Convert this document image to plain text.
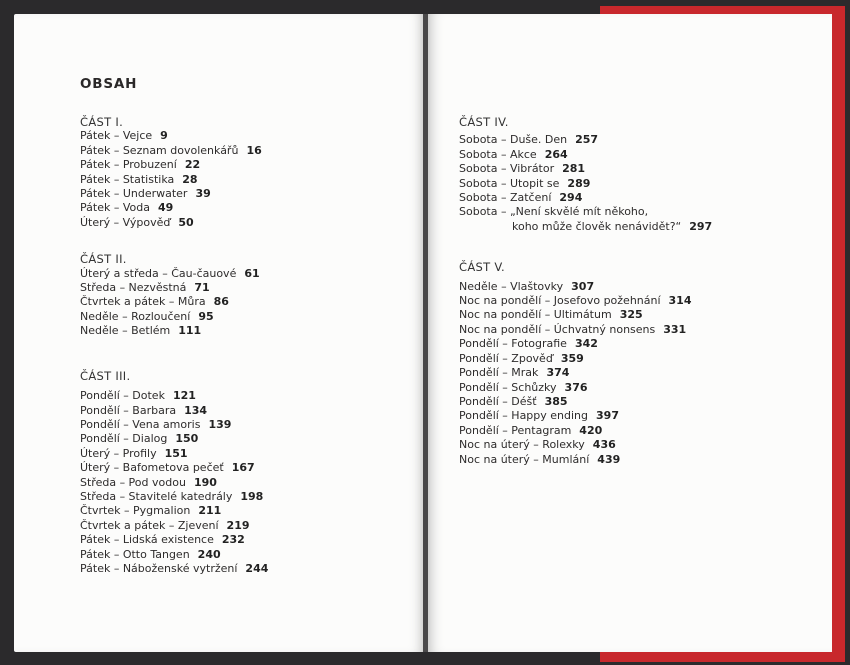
OBSAH
ČÁST I.
Pátek – Vejce 9
Pátek – Seznam dovolenkářů 16
Pátek – Probuzení 22
Pátek – Statistika 28
Pátek – Underwater 39
Pátek – Voda 49
Úterý – Výpověď 50
ČÁST II.
Úterý a středa – Čau-čauové 61
Středa – Nezvěstná 71
Čtvrtek a pátek – Můra 86
Neděle – Rozloučení 95
Neděle – Betlém 111
ČÁST III.
Pondělí – Dotek 121
Pondělí – Barbara 134
Pondělí – Vena amoris 139
Pondělí – Dialog 150
Úterý – Profily 151
Úterý – Bafometova pečeť 167
Středa – Pod vodou 190
Středa – Stavitelé katedrály 198
Čtvrtek – Pygmalion 211
Čtvrtek a pátek – Zjevení 219
Pátek – Lidská existence 232
Pátek – Otto Tangen 240
Pátek – Náboženské vytržení 244
ČÁST IV.
Sobota – Duše. Den 257
Sobota – Akce 264
Sobota – Vibrátor 281
Sobota – Utopit se 289
Sobota – Zatčení 294
Sobota – „Není skvělé mít někoho,
koho může člověk nenávidět?“ 297
ČÁST V.
Neděle – Vlaštovky 307
Noc na pondělí – Josefovo požehnání 314
Noc na pondělí – Ultimátum 325
Noc na pondělí – Úchvatný nonsens 331
Pondělí – Fotografie 342
Pondělí – Zpověď 359
Pondělí – Mrak 374
Pondělí – Schůzky 376
Pondělí – Déšť 385
Pondělí – Happy ending 397
Pondělí – Pentagram 420
Noc na úterý – Rolexky 436
Noc na úterý – Mumlání 439
